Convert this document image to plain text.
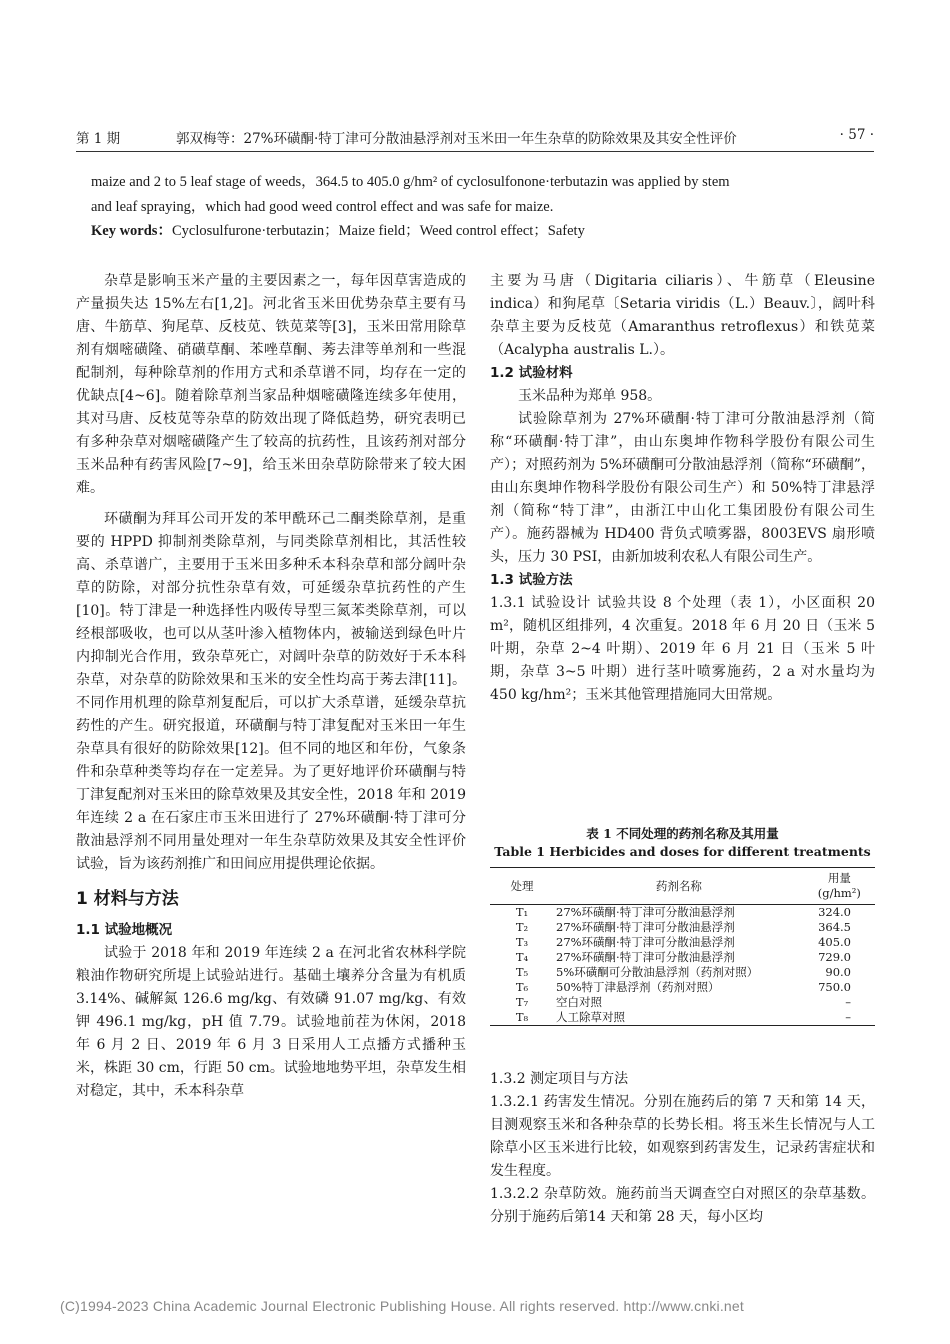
第 1 期	郭双梅等：27%环磺酮·特丁津可分散油悬浮剂对玉米田一年生杂草的防除效果及其安全性评价	· 57 ·
maize and 2 to 5 leaf stage of weeds，364.5 to 405.0 g/hm² of cyclosulfonone·terbutazin was applied by stem
and leaf spraying，which had good weed control effect and was safe for maize.
Key words：Cyclosulfurone·terbutazin；Maize field；Weed control effect；Safety

杂草是影响玉米产量的主要因素之一，每年因草害造成的产量损失达 15%左右[1,2]。河北省玉米田优势杂草主要有马唐、牛筋草、狗尾草、反枝苋、铁苋菜等[3]，玉米田常用除草剂有烟嘧磺隆、硝磺草酮、苯唑草酮、莠去津等单剂和一些混配制剂，每种除草剂的作用方式和杀草谱不同，均存在一定的优缺点[4~6]。随着除草剂当家品种烟嘧磺隆连续多年使用，其对马唐、反枝苋等杂草的防效出现了降低趋势，研究表明已有多种杂草对烟嘧磺隆产生了较高的抗药性，且该药剂对部分玉米品种有药害风险[7~9]，给玉米田杂草防除带来了较大困难。

环磺酮为拜耳公司开发的苯甲酰环己二酮类除草剂，是重要的 HPPD 抑制剂类除草剂，与同类除草剂相比，其活性较高、杀草谱广，主要用于玉米田多种禾本科杂草和部分阔叶杂草的防除，对部分抗性杂草有效，可延缓杂草抗药性的产生[10]。特丁津是一种选择性内吸传导型三氮苯类除草剂，可以经根部吸收，也可以从茎叶渗入植物体内，被输送到绿色叶片内抑制光合作用，致杂草死亡，对阔叶杂草的防效好于禾本科杂草，对杂草的防除效果和玉米的安全性均高于莠去津[11]。不同作用机理的除草剂复配后，可以扩大杀草谱，延缓杂草抗药性的产生。研究报道，环磺酮与特丁津复配对玉米田一年生杂草具有很好的防除效果[12]。但不同的地区和年份，气象条件和杂草种类等均存在一定差异。为了更好地评价环磺酮与特丁津复配剂对玉米田的除草效果及其安全性，2018 年和 2019 年连续 2 a 在石家庄市玉米田进行了 27%环磺酮·特丁津可分散油悬浮剂不同用量处理对一年生杂草防效果及其安全性评价试验，旨为该药剂推广和田间应用提供理论依据。

1 材料与方法

1.1 试验地概况

试验于 2018 年和 2019 年连续 2 a 在河北省农林科学院粮油作物研究所堤上试验站进行。基础土壤养分含量为有机质 3.14%、碱解氮 126.6 mg/kg、有效磷 91.07 mg/kg、有效钾 496.1 mg/kg，pH 值 7.79。试验地前茬为休闲，2018 年 6 月 2 日、2019 年 6 月 3 日采用人工点播方式播种玉米，株距 30 cm，行距 50 cm。试验地地势平坦，杂草发生相对稳定，其中，禾本科杂草

主要为马唐（Digitaria ciliaris）、牛筋草（Eleusine indica）和狗尾草〔Setaria viridis（L.）Beauv.〕，阔叶科杂草主要为反枝苋（Amaranthus retroflexus）和铁苋菜（Acalypha australis L.）。

1.2 试验材料

玉米品种为郑单 958。

试验除草剂为 27%环磺酮·特丁津可分散油悬浮剂（简称“环磺酮·特丁津”，由山东奥坤作物科学股份有限公司生产）；对照药剂为 5%环磺酮可分散油悬浮剂（简称“环磺酮”，由山东奥坤作物科学股份有限公司生产）和 50%特丁津悬浮剂（简称“特丁津”，由浙江中山化工集团股份有限公司生产）。施药器械为 HD400 背负式喷雾器，8003EVS 扇形喷头，压力 30 PSI，由新加坡利农私人有限公司生产。

1.3 试验方法

1.3.1 试验设计 试验共设 8 个处理（表 1），小区面积 20 m²，随机区组排列，4 次重复。2018 年 6 月 20 日（玉米 5 叶期，杂草 2~4 叶期）、2019 年 6 月 21 日（玉米 5 叶期，杂草 3~5 叶期）进行茎叶喷雾施药，2 a 对水量均为 450 kg/hm²；玉米其他管理措施同大田常规。

表 1 不同处理的药剂名称及其用量
Table 1 Herbicides and doses for different treatments
处理	药剂名称	用量
(g/hm²)

T₁	27%环磺酮·特丁津可分散油悬浮剂	324.0
T₂	27%环磺酮·特丁津可分散油悬浮剂	364.5
T₃	27%环磺酮·特丁津可分散油悬浮剂	405.0
T₄	27%环磺酮·特丁津可分散油悬浮剂	729.0
T₅	5%环磺酮可分散油悬浮剂（药剂对照）	90.0
T₆	50%特丁津悬浮剂（药剂对照）	750.0
T₇	空白对照	–
T₈	人工除草对照	–

1.3.2 测定项目与方法

1.3.2.1 药害发生情况。分别在施药后的第 7 天和第 14 天，目测观察玉米和各种杂草的长势长相。将玉米生长情况与人工除草小区玉米进行比较，如观察到药害发生，记录药害症状和发生程度。

1.3.2.2 杂草防效。施药前当天调查空白对照区的杂草基数。分别于施药后第14 天和第 28 天，每小区均

(C)1994-2023 China Academic Journal Electronic Publishing House. All rights reserved. http://www.cnki.net
